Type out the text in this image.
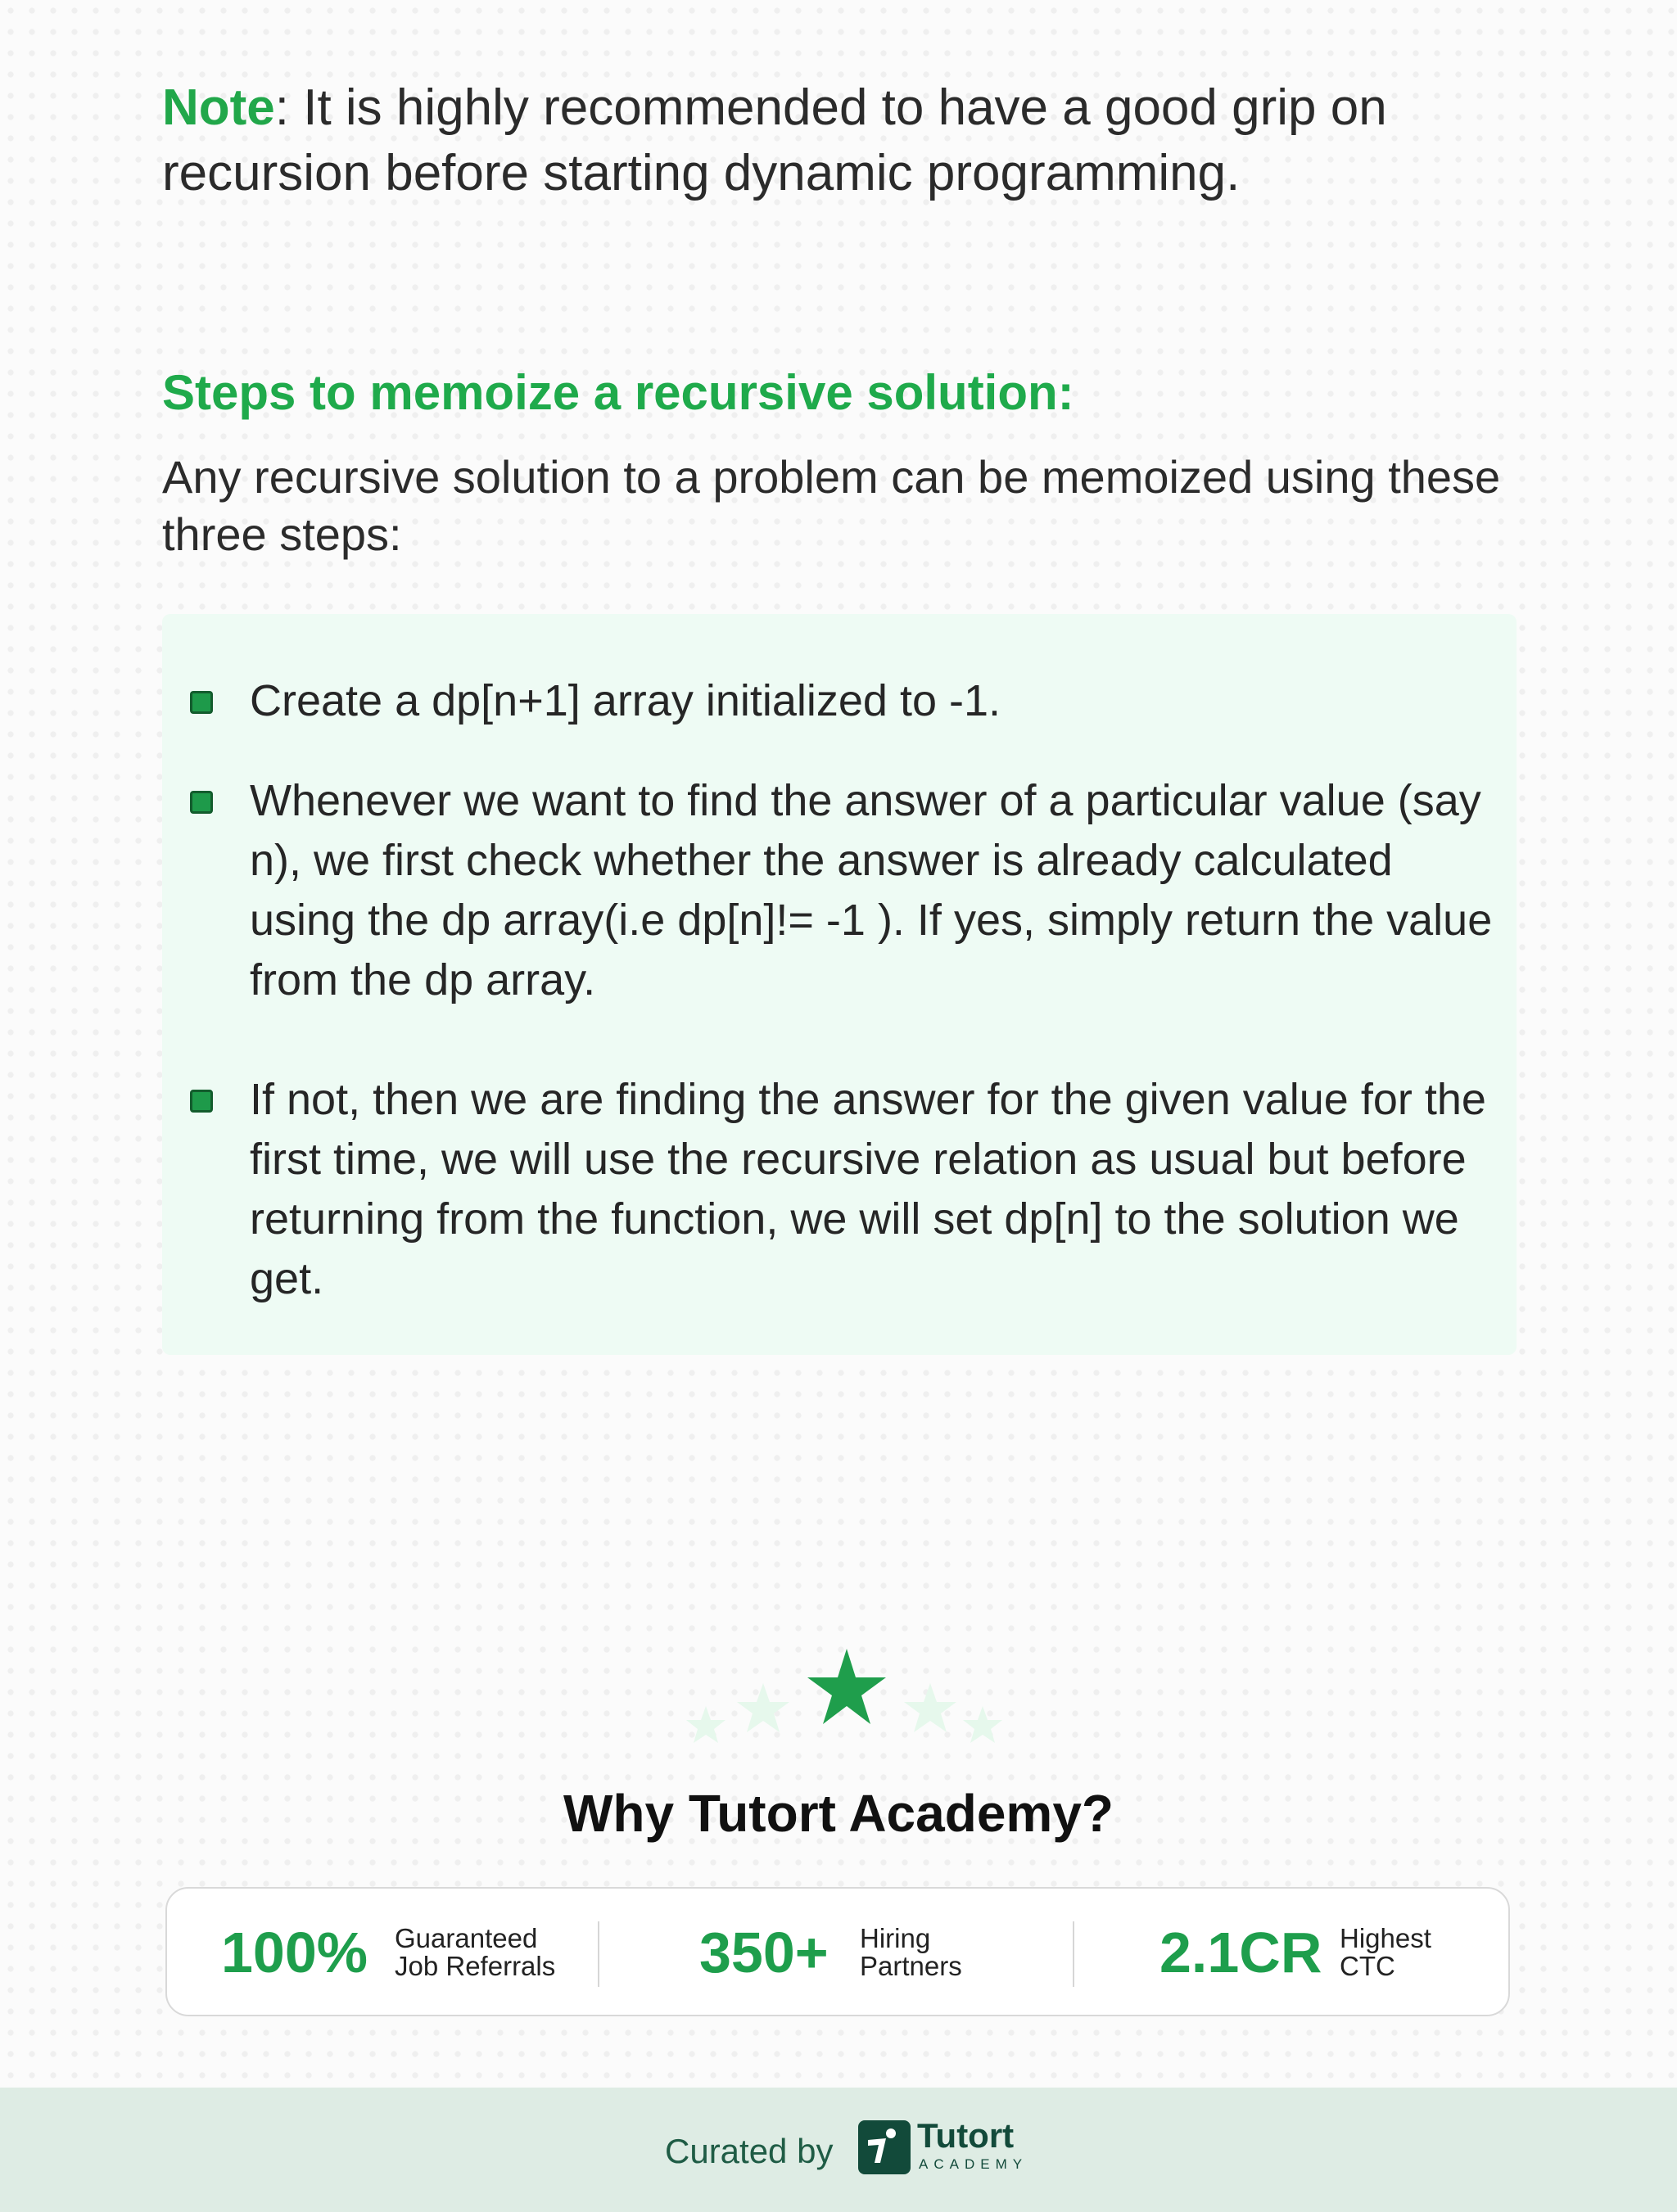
Note: It is highly recommended to have a good grip on recursion before starting dynamic programming.

Steps to memoize a recursive solution:

Any recursive solution to a problem can be memoized using these three steps:

Create a dp[n+1] array initialized to -1.

Whenever we want to find the answer of a particular value (say n), we first check whether the answer is already calculated using the dp array(i.e dp[n]!= -1 ). If yes, simply return the value from the dp array.

If not, then we are finding the answer for the given value for the first time, we will use the recursive relation as usual but before returning from the function, we will set dp[n] to the solution we get.

Why Tutort Academy?
100% Guaranteed
Job Referrals	350+ Hiring
Partners	2.1CR Highest
CTC
Curated by Tutort
ACADEMY
